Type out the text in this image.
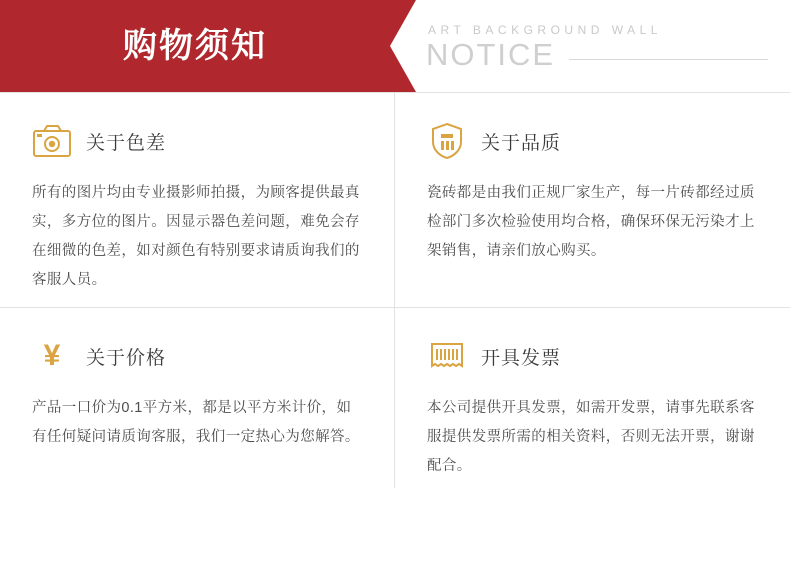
购物须知	ART BACKGROUND WALL
NOTICE
关于色差
所有的图片均由专业摄影师拍摄，为顾客提供最真实，多方位的图片。因显示器色差问题，难免会存在细微的色差，如对颜色有特别要求请质询我们的客服人员。
关于品质
瓷砖都是由我们正规厂家生产，每一片砖都经过质检部门多次检验使用均合格，确保环保无污染才上架销售，请亲们放心购买。
¥ 关于价格
产品一口价为0.1平方米，都是以平方米计价，如有任何疑问请质询客服，我们一定热心为您解答。
开具发票
本公司提供开具发票，如需开发票，请事先联系客服提供发票所需的相关资料，否则无法开票，谢谢配合。
